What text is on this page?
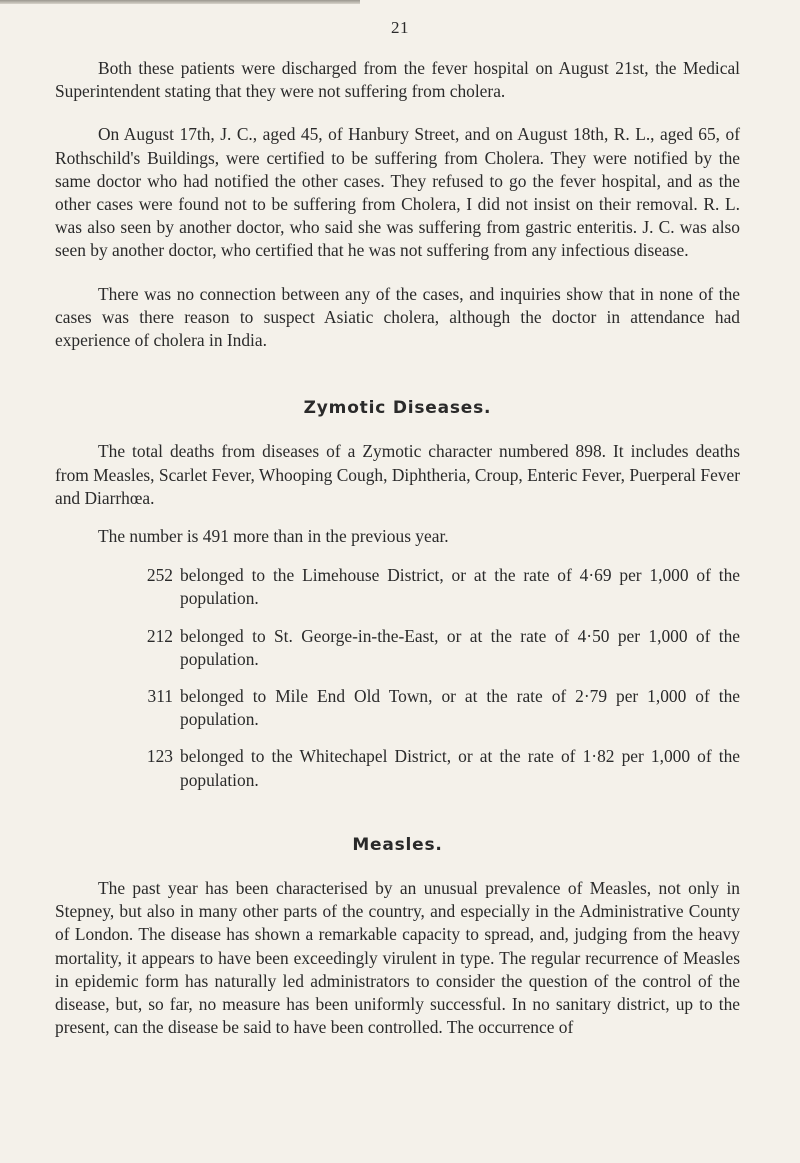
21

Both these patients were discharged from the fever hospital on August 21st, the Medical Superintendent stating that they were not suffering from cholera.

On August 17th, J. C., aged 45, of Hanbury Street, and on August 18th, R. L., aged 65, of Rothschild's Buildings, were certified to be suffering from Cholera. They were notified by the same doctor who had notified the other cases. They refused to go the fever hospital, and as the other cases were found not to be suffering from Cholera, I did not insist on their removal. R. L. was also seen by another doctor, who said she was suffering from gastric enteritis. J. C. was also seen by another doctor, who certified that he was not suffering from any infectious disease.

There was no connection between any of the cases, and inquiries show that in none of the cases was there reason to suspect Asiatic cholera, although the doctor in attendance had experience of cholera in India.

Zymotic Diseases.

The total deaths from diseases of a Zymotic character numbered 898. It includes deaths from Measles, Scarlet Fever, Whooping Cough, Diphtheria, Croup, Enteric Fever, Puerperal Fever and Diarrhœa.

The number is 491 more than in the previous year.

252 belonged to the Limehouse District, or at the rate of 4·69 per 1,000 of the population.
212 belonged to St. George-in-the-East, or at the rate of 4·50 per 1,000 of the population.
311 belonged to Mile End Old Town, or at the rate of 2·79 per 1,000 of the population.
123 belonged to the Whitechapel District, or at the rate of 1·82 per 1,000 of the population.
Measles.

The past year has been characterised by an unusual prevalence of Measles, not only in Stepney, but also in many other parts of the country, and especially in the Administrative County of London. The disease has shown a remarkable capacity to spread, and, judging from the heavy mortality, it appears to have been exceedingly virulent in type. The regular recurrence of Measles in epidemic form has naturally led administrators to consider the question of the control of the disease, but, so far, no measure has been uniformly successful. In no sanitary district, up to the present, can the disease be said to have been controlled. The occurrence of
